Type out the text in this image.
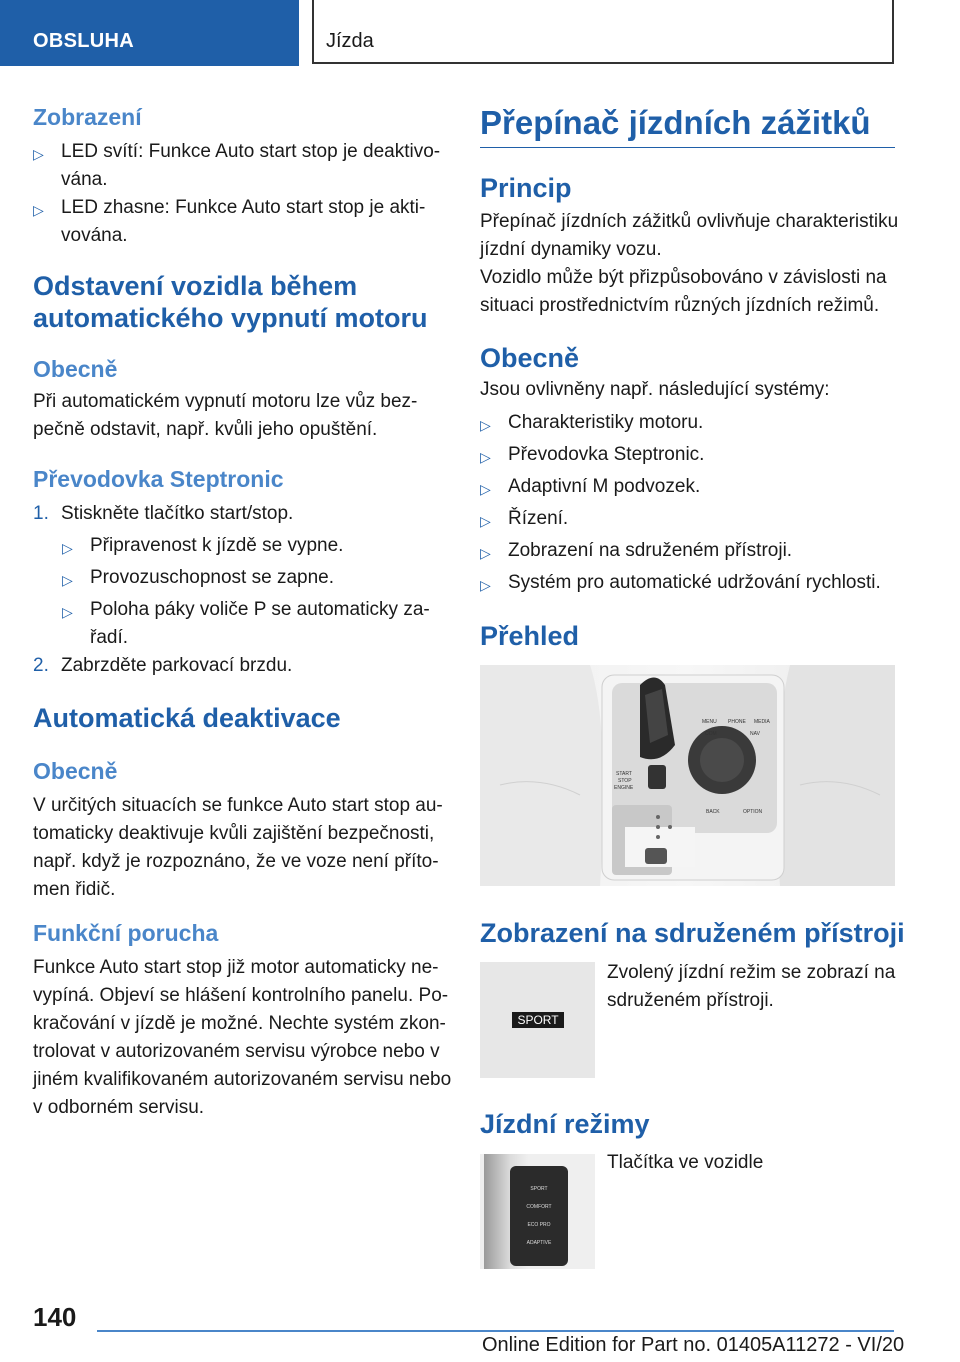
OBSLUHA	Jízda
Zobrazení
▷ LED svítí: Funkce Auto start stop je deaktivo-
vána.
▷ LED zhasne: Funkce Auto start stop je akti-
vována.
Odstavení vozidla během
automatického vypnutí motoru
Obecně
Při automatickém vypnutí motoru lze vůz bez-
pečně odstavit, např. kvůli jeho opuštění.
Převodovka Steptronic
1. Stiskněte tlačítko start/stop.
▷ Připravenost k jízdě se vypne.
▷ Provozuschopnost se zapne.
▷ Poloha páky voliče P se automaticky za-
řadí.
2. Zabrzděte parkovací brzdu.
Automatická deaktivace
Obecně
V určitých situacích se funkce Auto start stop au-
tomaticky deaktivuje kvůli zajištění bezpečnosti,
např. když je rozpoznáno, že ve voze není příto-
men řidič.
Funkční porucha
Funkce Auto start stop již motor automaticky ne-
vypíná. Objeví se hlášení kontrolního panelu. Po-
kračování v jízdě je možné. Nechte systém zkon-
trolovat v autorizovaném servisu výrobce nebo v
jiném kvalifikovaném autorizovaném servisu nebo
v odborném servisu.
Přepínač jízdních zážitků
Princip
Přepínač jízdních zážitků ovlivňuje charakteristiku
jízdní dynamiky vozu.
Vozidlo může být přizpůsobováno v závislosti na
situaci prostřednictvím různých jízdních režimů.
Obecně
Jsou ovlivněny např. následující systémy:
▷ Charakteristiky motoru.
▷ Převodovka Steptronic.
▷ Adaptivní M podvozek.
▷ Řízení.
▷ Zobrazení na sdruženém přístroji.
▷ Systém pro automatické udržování rychlosti.
Přehled
START
STOP
ENGINE
MENU PHONE MEDIA
COM	NAV
BACK	OPTION
Zobrazení na sdruženém přístroji
SPORT
Zvolený jízdní režim se zobrazí na
sdruženém přístroji.
Jízdní režimy
SPORT
COMFORT
ECO PRO
ADAPTIVE
Tlačítka ve vozidle
140
Online Edition for Part no. 01405A11272 - VI/20
